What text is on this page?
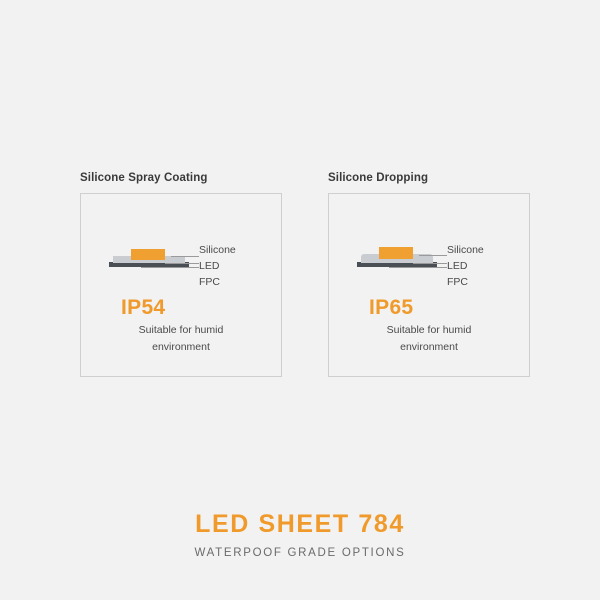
Silicone Spray Coating
Silicone
LED
FPC
IP54
Suitable for humid
environment
Silicone Dropping
Silicone
LED
FPC
IP65
Suitable for humid
environment
LED SHEET 784
WATERPOOF GRADE OPTIONS
